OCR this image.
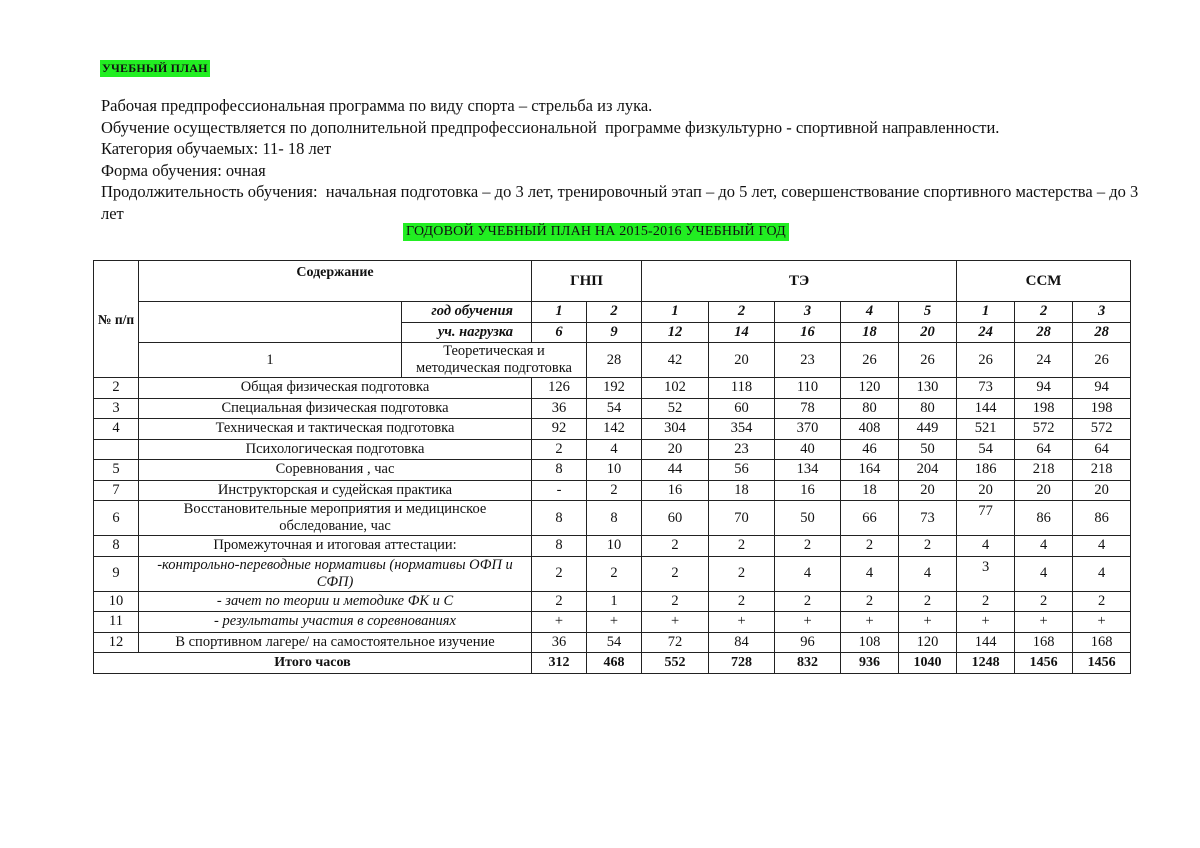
УЧЕБНЫЙ ПЛАН
Рабочая предпрофессиональная программа по виду спорта – стрельба из лука.
Обучение осуществляется по дополнительной предпрофессиональной  программе физкультурно - спортивной направленности.
Категория обучаемых: 11- 18 лет
Форма обучения: очная
Продолжительность обучения:  начальная подготовка – до 3 лет, тренировочный этап – до 5 лет, совершенствование спортивного мастерства – до 3 лет
ГОДОВОЙ УЧЕБНЫЙ ПЛАН НА 2015-2016 УЧЕБНЫЙ ГОД
№ п/п	Содержание		ГНП		ТЭ					ССМ			
		год обучения	1	2	1	2	3	4	5	1	2	3	
		уч. нагрузка	6	9	12	14	16	18	20	24	28	28	
	1	Теоретическая и методическая подготовка		28	42	20	23	26	26	26	24	26	
2	Общая физическая подготовка		126	192	102	118	110	120	130	73	94	94	
3	Специальная физическая подготовка		36	54	52	60	78	80	80	144	198	198	
4	Техническая и тактическая подготовка		92	142	304	354	370	408	449	521	572	572	
	Психологическая подготовка		2	4	20	23	40	46	50	54	64	64	
5	Соревнования , час		8	10	44	56	134	164	204	186	218	218	
7	Инструкторская и судейская практика		-	2	16	18	16	18	20	20	20	20	
6	Восстановительные мероприятия и медицинское обследование, час		8	8	60	70	50	66	73	77	86	86	
8	Промежуточная и итоговая аттестации:		8	10	2	2	2	2	2	4	4	4	
9	-контрольно-переводные нормативы (нормативы ОФП и СФП)		2	2	2	2	4	4	4	3	4	4	
10	- зачет по теории и методике ФК и С		2	1	2	2	2	2	2	2	2	2	
11	- результаты участия в соревнованиях		+	+	+	+	+	+	+	+	+	+	
12	В спортивном лагере/ на самостоятельное изучение		36	54	72	84	96	108	120	144	168	168	
Итого часов			312	468	552	728	832	936	1040	1248	1456	1456	
